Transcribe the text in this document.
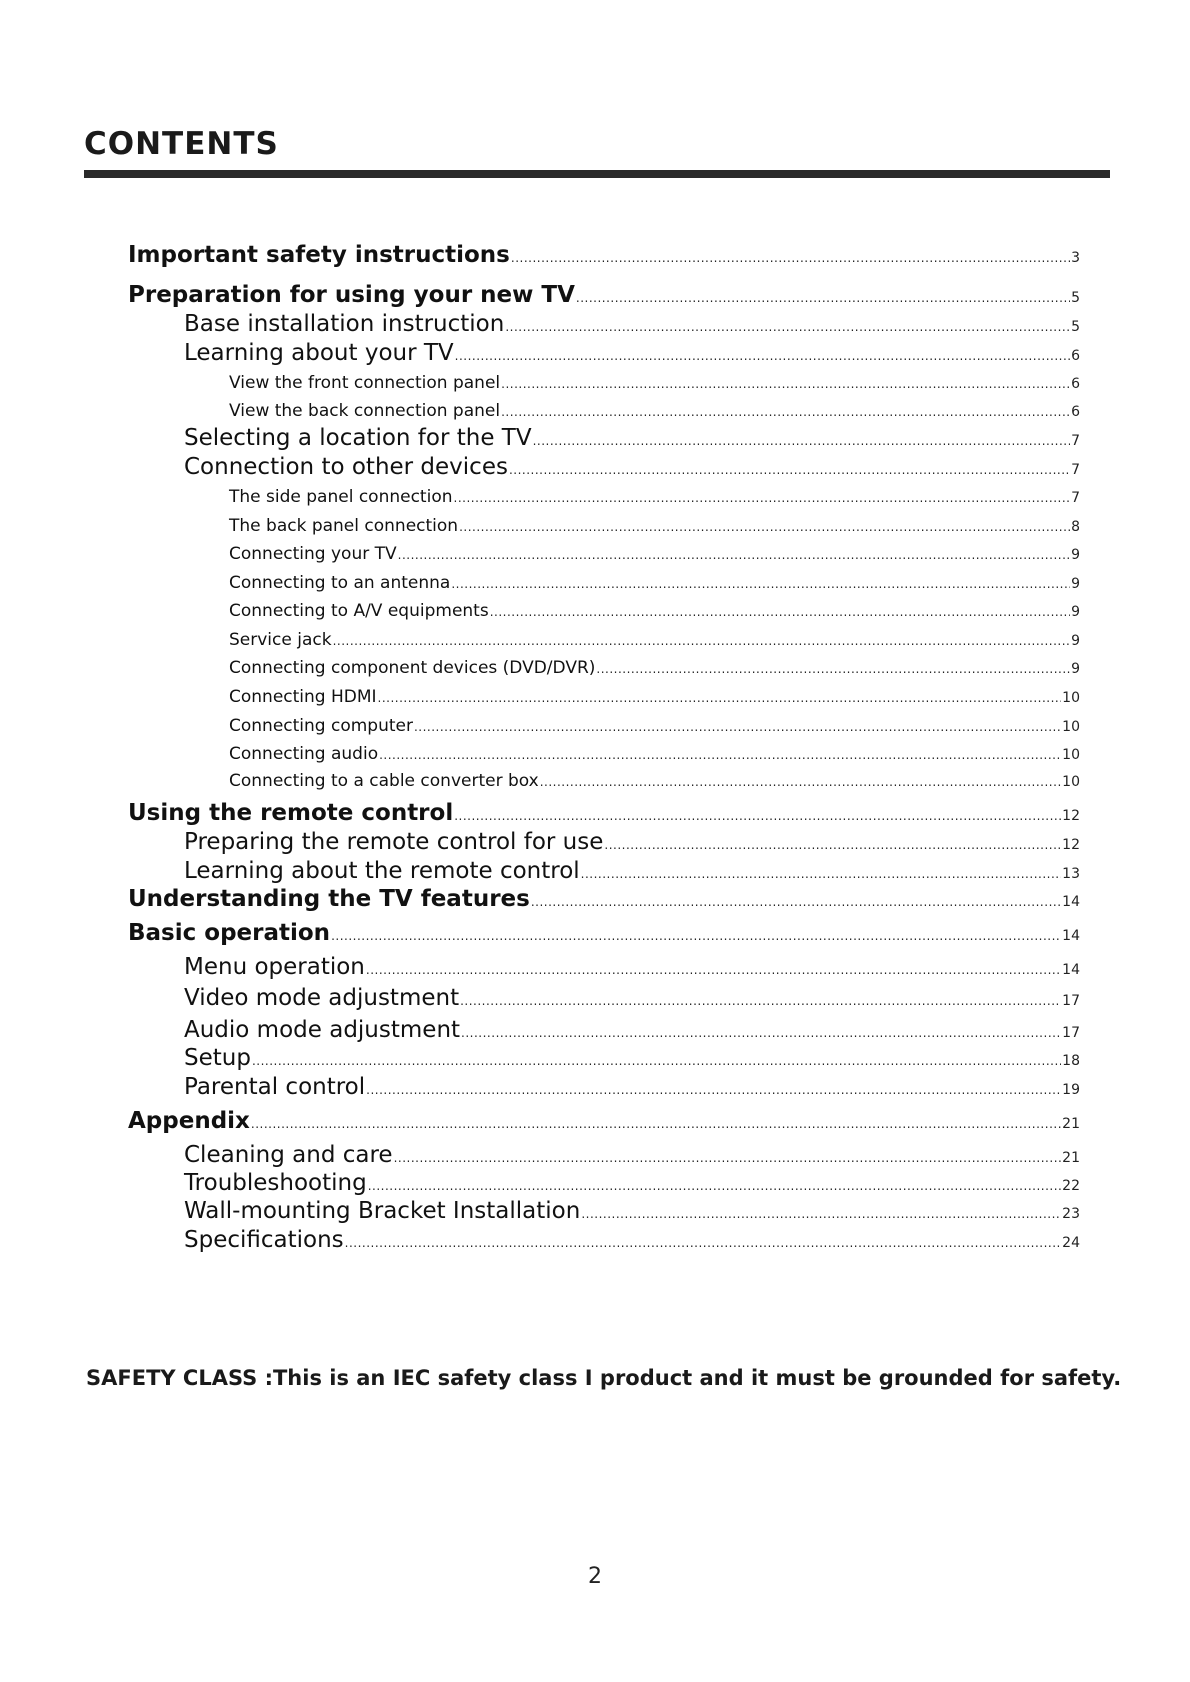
CONTENTS
Important safety instructions .....	3
Preparation for using your new TV .....	5
Base installation instruction .....	5
Learning about your TV .....	6
View the front connection panel .....	6
View the back connection panel .....	6
Selecting a location for the TV .....	7
Connection to other devices .....	7
The side panel connection .....	7
The back panel connection .....	8
Connecting your TV .....	9
Connecting to an antenna .....	9
Connecting to A/V equipments .....	9
Service jack .....	9
Connecting component devices (DVD/DVR) .....	9
Connecting HDMI .....	10
Connecting computer .....	10
Connecting audio .....	10
Connecting to a cable converter box .....	10
Using the remote control .....	12
Preparing the remote control for use .....	12
Learning about the remote control .....	13
Understanding the TV features .....	14
Basic operation .....	14
Menu operation .....	14
Video mode adjustment .....	17
Audio mode adjustment .....	17
Setup .....	18
Parental control .....	19
Appendix .....	21
Cleaning and care .....	21
Troubleshooting .....	22
Wall-mounting Bracket Installation .....	23
Specifications .....	24
SAFETY CLASS :This is an IEC safety class I product and it must be grounded for safety.
2
